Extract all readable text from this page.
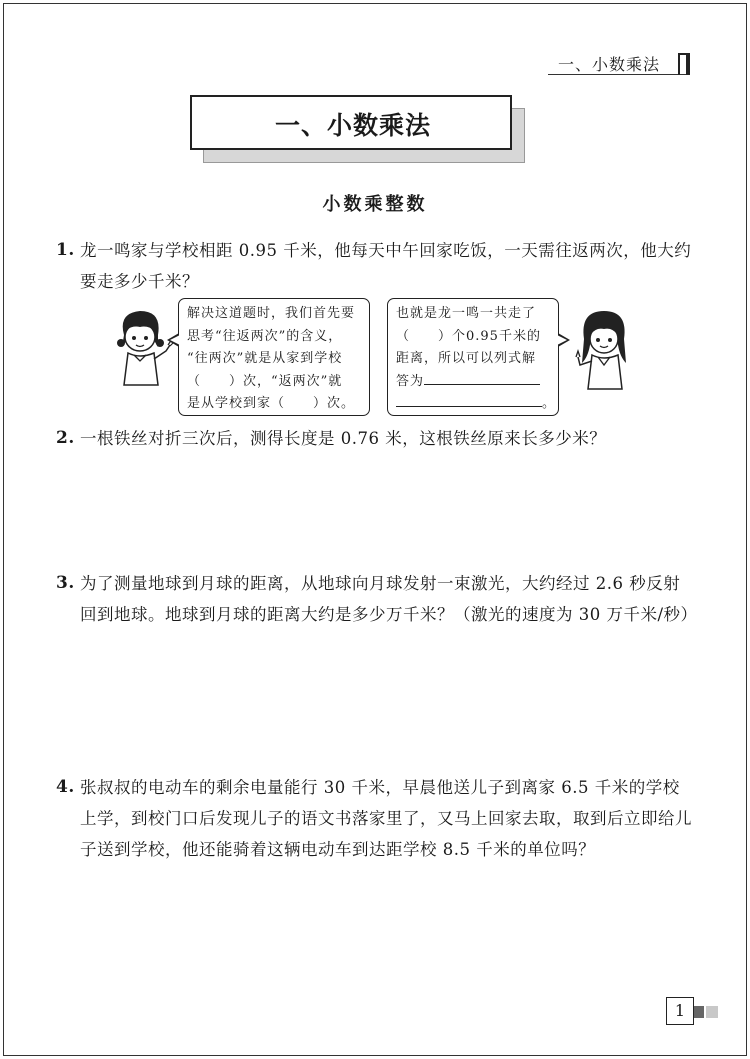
一、小数乘法
一、小数乘法
小数乘整数
1. 龙一鸣家与学校相距 0.95 千米，他每天中午回家吃饭，一天需往返两次，他大约要走多少千米？
解决这道题时，我们首先要
思考“往返两次”的含义，
“往两次”就是从家到学校
（　　）次，“返两次”就
是从学校到家（　　）次。
也就是龙一鸣一共走了
（　　）个0.95千米的
距离，所以可以列式解
答为
。
2. 一根铁丝对折三次后，测得长度是 0.76 米，这根铁丝原来长多少米？
3. 为了测量地球到月球的距离，从地球向月球发射一束激光，大约经过 2.6 秒反射回到地球。地球到月球的距离大约是多少万千米？（激光的速度为 30 万千米/秒）
4. 张叔叔的电动车的剩余电量能行 30 千米，早晨他送儿子到离家 6.5 千米的学校上学，到校门口后发现儿子的语文书落家里了，又马上回家去取，取到后立即给儿子送到学校，他还能骑着这辆电动车到达距学校 8.5 千米的单位吗？
1
